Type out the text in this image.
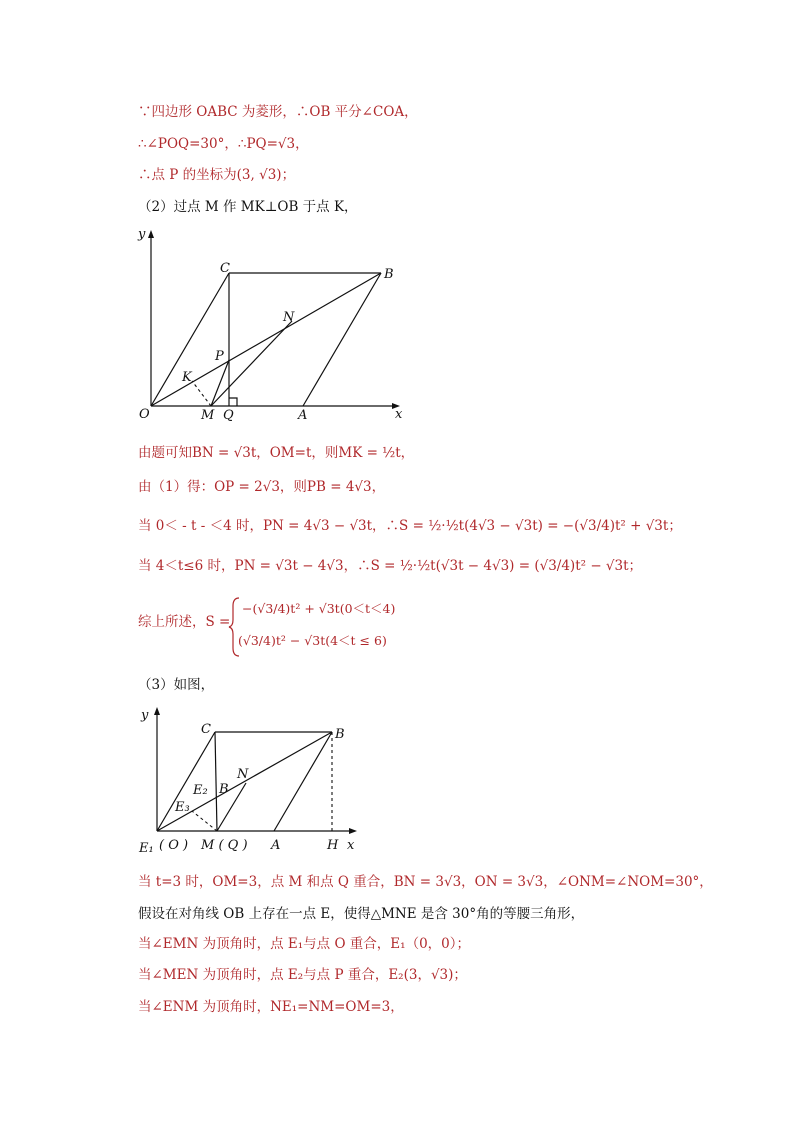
∵四边形 OABC 为菱形，∴OB 平分∠COA，
∴∠POQ=30°，∴PQ=√3，
∴点 P 的坐标为(3, √3)；
（2）过点 M 作 MK⊥OB 于点 K，
y
x
C	B
N
P
K
O	M Q	A
由题可知BN = √3t，OM=t，则MK = ½t，
由（1）得：OP = 2√3，则PB = 4√3，
当 0＜ - t - ＜4 时，PN = 4√3 − √3t，∴S = ½·½t(4√3 − √3t) = −(√3/4)t² + √3t；
当 4＜t≤6 时，PN = √3t − 4√3，∴S = ½·½t(√3t − 4√3) = (√3/4)t² − √3t；
综上所述，S =
−(√3/4)t² + √3t(0＜t＜4)
(√3/4)t² − √3t(4＜t ≤ 6)
（3）如图，
y
x
C	B
N
B
E₂
E₃
E₁ ( O ) M ( Q ) A	H
当 t=3 时，OM=3，点 M 和点 Q 重合，BN = 3√3，ON = 3√3，∠ONM=∠NOM=30°，
假设在对角线 OB 上存在一点 E，使得△MNE 是含 30°角的等腰三角形，
当∠EMN 为顶角时，点 E₁与点 O 重合，E₁（0，0）；
当∠MEN 为顶角时，点 E₂与点 P 重合，E₂(3，√3)；
当∠ENM 为顶角时，NE₁=NM=OM=3，
